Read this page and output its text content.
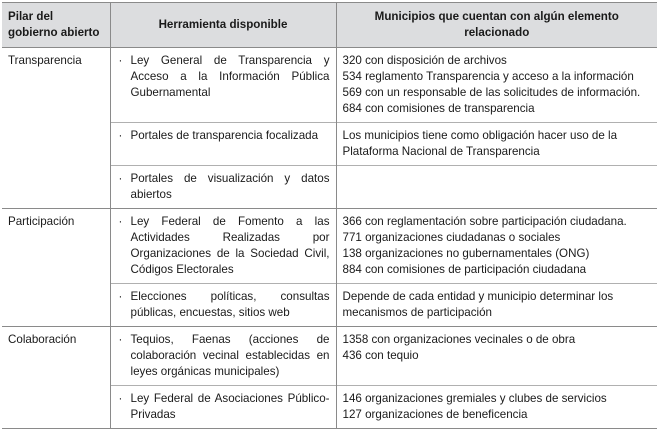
Pilar del gobierno abierto	Herramienta disponible	Municipios que cuentan con algún elemento relacionado
Transparencia	· Ley General de Transparencia y Acceso a la Información Pública Gubernamental	320 con disposición de archivos
534 reglamento Transparencia y acceso a la información
569 con un responsable de las solicitudes de información.
684 con comisiones de transparencia

	· Portales de transparencia focalizada	Los municipios tiene como obligación hacer uso de la
Plataforma Nacional de Transparencia

	· Portales de visualización y datos abiertos	

Participación	· Ley Federal de Fomento a las Actividades Realizadas por Organizaciones de la Sociedad Civil, Códigos Electorales	366 con reglamentación sobre participación ciudadana.
771 organizaciones ciudadanas o sociales
138 organizaciones no gubernamentales (ONG)
884 con comisiones de participación ciudadana

	· Elecciones políticas, consultas públicas, encuestas, sitios web	Depende de cada entidad y municipio determinar los
mecanismos de participación

Colaboración	· Tequios, Faenas (acciones de colaboración vecinal establecidas en leyes orgánicas municipales)	1358 con organizaciones vecinales o de obra
436 con tequio

	· Ley Federal de Asociaciones Público-Privadas	146 organizaciones gremiales y clubes de servicios
127 organizaciones de beneficencia
